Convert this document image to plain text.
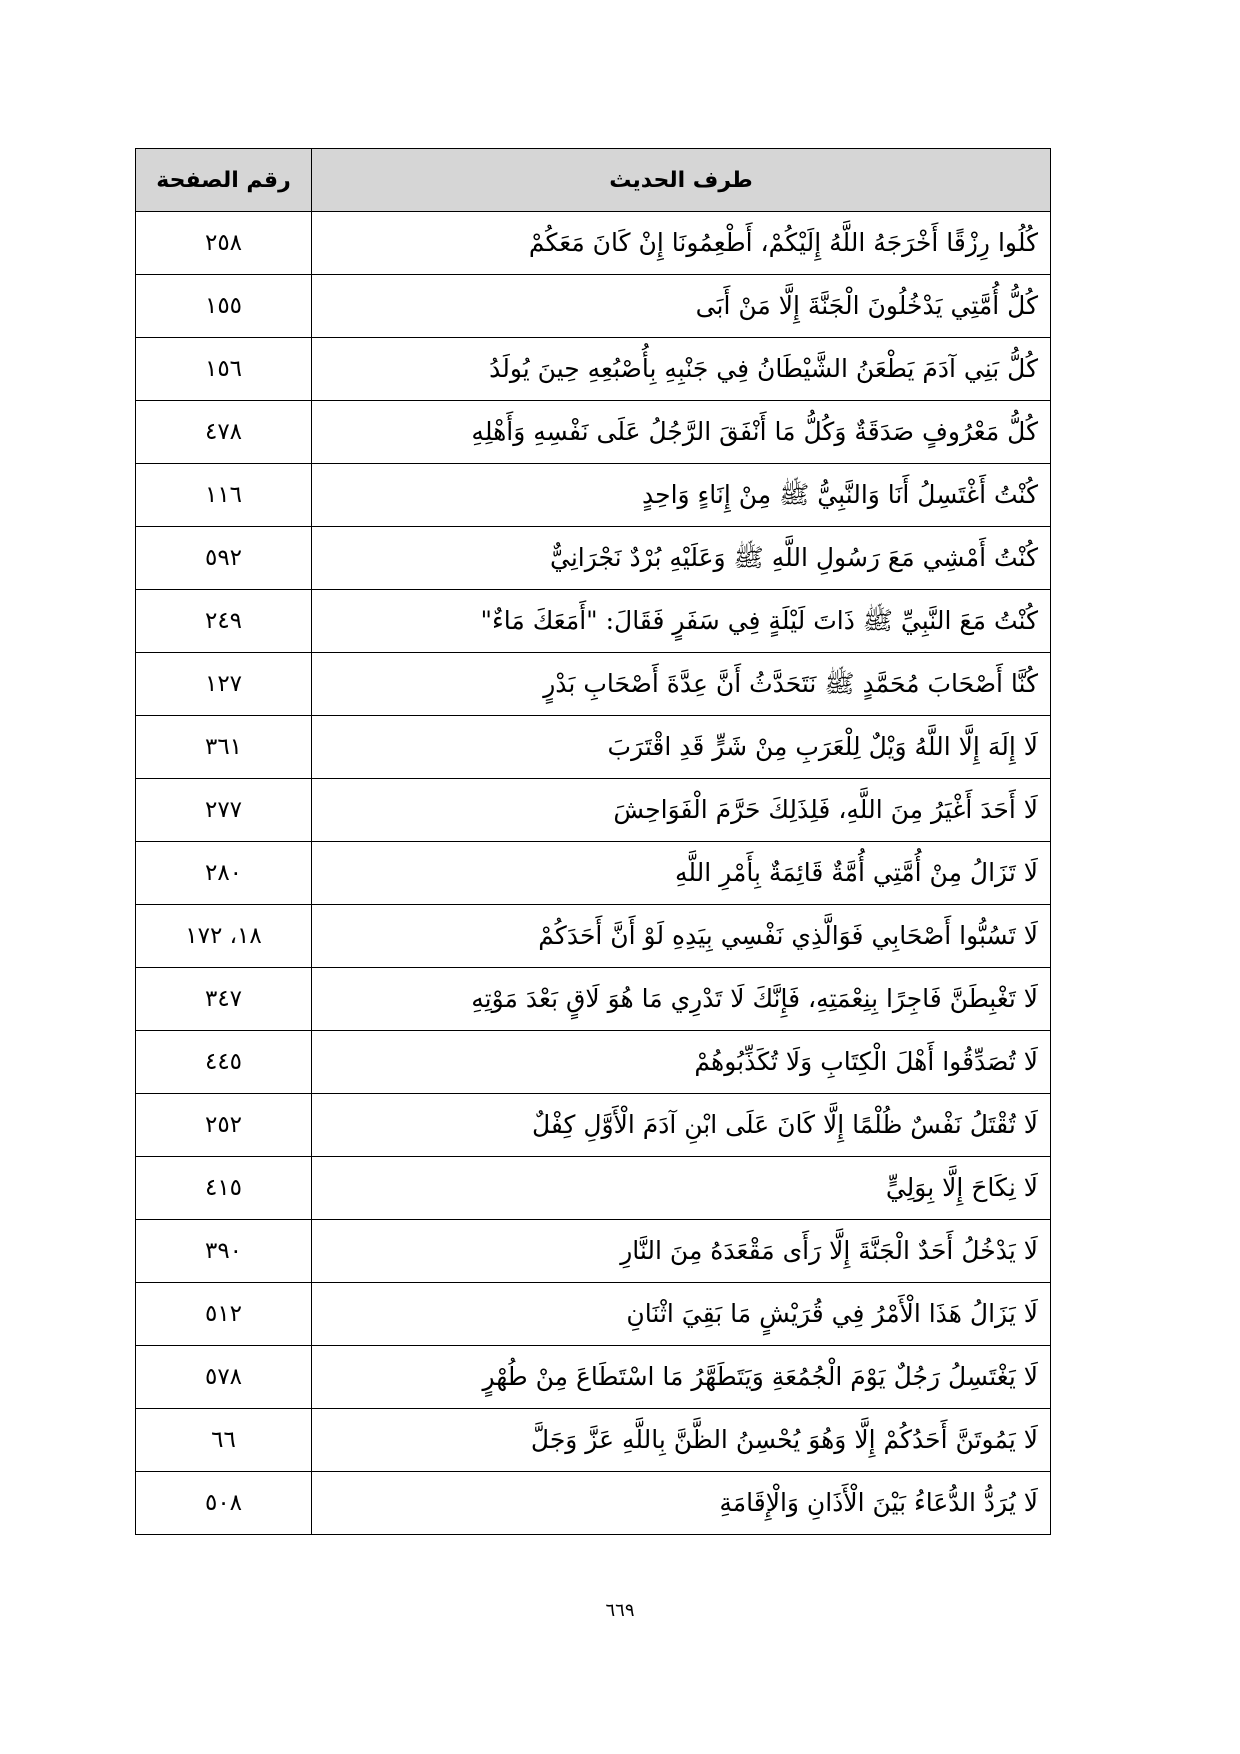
طرف الحديث	رقم الصفحة
كُلُوا رِزْقًا أَخْرَجَهُ اللَّهُ إِلَيْكُمْ، أَطْعِمُونَا إِنْ كَانَ مَعَكُمْ	٢٥٨
كُلُّ أُمَّتِي يَدْخُلُونَ الْجَنَّةَ إِلَّا مَنْ أَبَى	١٥٥
كُلُّ بَنِي آدَمَ يَطْعَنُ الشَّيْطَانُ فِي جَنْبِهِ بِأُصْبُعِهِ حِينَ يُولَدُ	١٥٦
كُلُّ مَعْرُوفٍ صَدَقَةٌ وَكُلُّ مَا أَنْفَقَ الرَّجُلُ عَلَى نَفْسِهِ وَأَهْلِهِ	٤٧٨
كُنْتُ أَغْتَسِلُ أَنَا وَالنَّبِيُّ ﷺ مِنْ إِنَاءٍ وَاحِدٍ	١١٦
كُنْتُ أَمْشِي مَعَ رَسُولِ اللَّهِ ﷺ وَعَلَيْهِ بُرْدٌ نَجْرَانِيٌّ	٥٩٢
كُنْتُ مَعَ النَّبِيِّ ﷺ ذَاتَ لَيْلَةٍ فِي سَفَرٍ فَقَالَ: "أَمَعَكَ مَاءٌ"	٢٤٩
كُنَّا أَصْحَابَ مُحَمَّدٍ ﷺ نَتَحَدَّثُ أَنَّ عِدَّةَ أَصْحَابِ بَدْرٍ	١٢٧
لَا إِلَهَ إِلَّا اللَّهُ وَيْلٌ لِلْعَرَبِ مِنْ شَرٍّ قَدِ اقْتَرَبَ	٣٦١
لَا أَحَدَ أَغْيَرُ مِنَ اللَّهِ، فَلِذَلِكَ حَرَّمَ الْفَوَاحِشَ	٢٧٧
لَا تَزَالُ مِنْ أُمَّتِي أُمَّةٌ قَائِمَةٌ بِأَمْرِ اللَّهِ	٢٨٠
لَا تَسُبُّوا أَصْحَابِي فَوَالَّذِي نَفْسِي بِيَدِهِ لَوْ أَنَّ أَحَدَكُمْ	١٨، ١٧٢
لَا تَغْبِطَنَّ فَاجِرًا بِنِعْمَتِهِ، فَإِنَّكَ لَا تَدْرِي مَا هُوَ لَاقٍ بَعْدَ مَوْتِهِ	٣٤٧
لَا تُصَدِّقُوا أَهْلَ الْكِتَابِ وَلَا تُكَذِّبُوهُمْ	٤٤٥
لَا تُقْتَلُ نَفْسٌ ظُلْمًا إِلَّا كَانَ عَلَى ابْنِ آدَمَ الْأَوَّلِ كِفْلٌ	٢٥٢
لَا نِكَاحَ إِلَّا بِوَلِيٍّ	٤١٥
لَا يَدْخُلُ أَحَدٌ الْجَنَّةَ إِلَّا رَأَى مَقْعَدَهُ مِنَ النَّارِ	٣٩٠
لَا يَزَالُ هَذَا الْأَمْرُ فِي قُرَيْشٍ مَا بَقِيَ اثْنَانِ	٥١٢
لَا يَغْتَسِلُ رَجُلٌ يَوْمَ الْجُمُعَةِ وَيَتَطَهَّرُ مَا اسْتَطَاعَ مِنْ طُهْرٍ	٥٧٨
لَا يَمُوتَنَّ أَحَدُكُمْ إِلَّا وَهُوَ يُحْسِنُ الظَّنَّ بِاللَّهِ عَزَّ وَجَلَّ	٦٦
لَا يُرَدُّ الدُّعَاءُ بَيْنَ الْأَذَانِ وَالْإِقَامَةِ	٥٠٨
٦٦٩
